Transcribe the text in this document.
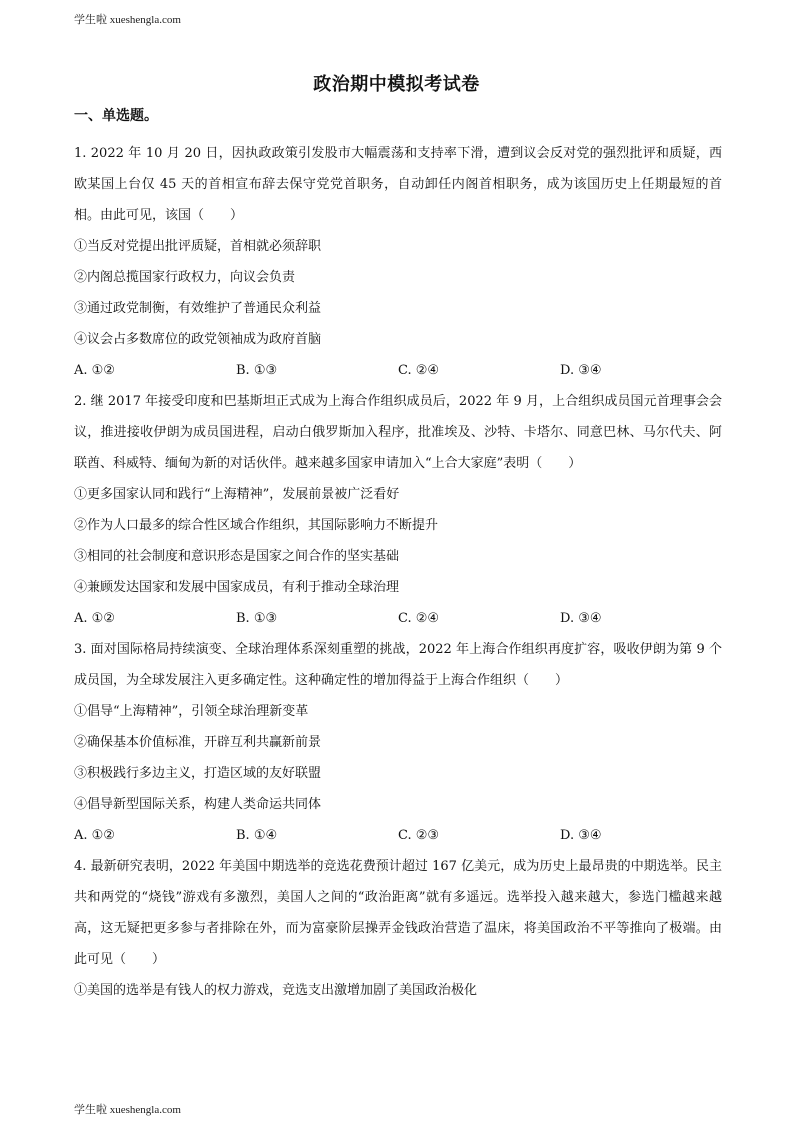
学生啦 xueshengla.com
政治期中模拟考试卷
一、单选题。

1. 2022 年 10 月 20 日，因执政政策引发股市大幅震荡和支持率下滑，遭到议会反对党的强烈批评和质疑，西欧某国上台仅 45 天的首相宣布辞去保守党党首职务，自动卸任内阁首相职务，成为该国历史上任期最短的首相。由此可见，该国（　　）

①当反对党提出批评质疑，首相就必须辞职

②内阁总揽国家行政权力，向议会负责

③通过政党制衡，有效维护了普通民众利益

④议会占多数席位的政党领袖成为政府首脑

A. ①②	B. ①③	C. ②④	D. ③④

2. 继 2017 年接受印度和巴基斯坦正式成为上海合作组织成员后，2022 年 9 月，上合组织成员国元首理事会会议，推进接收伊朗为成员国进程，启动白俄罗斯加入程序，批准埃及、沙特、卡塔尔、同意巴林、马尔代夫、阿联酋、科威特、缅甸为新的对话伙伴。越来越多国家申请加入“上合大家庭”表明（　　）

①更多国家认同和践行“上海精神”，发展前景被广泛看好

②作为人口最多的综合性区域合作组织，其国际影响力不断提升

③相同的社会制度和意识形态是国家之间合作的坚实基础

④兼顾发达国家和发展中国家成员，有利于推动全球治理

A. ①②	B. ①③	C. ②④	D. ③④

3. 面对国际格局持续演变、全球治理体系深刻重塑的挑战，2022 年上海合作组织再度扩容，吸收伊朗为第 9 个成员国，为全球发展注入更多确定性。这种确定性的增加得益于上海合作组织（　　）

①倡导“上海精神”，引领全球治理新变革

②确保基本价值标准，开辟互利共赢新前景

③积极践行多边主义，打造区域的友好联盟

④倡导新型国际关系，构建人类命运共同体

A. ①②	B. ①④	C. ②③	D. ③④

4. 最新研究表明，2022 年美国中期选举的竞选花费预计超过 167 亿美元，成为历史上最昂贵的中期选举。民主共和两党的“烧钱”游戏有多激烈，美国人之间的“政治距离”就有多遥远。选举投入越来越大，参选门槛越来越高，这无疑把更多参与者排除在外，而为富豪阶层操弄金钱政治营造了温床，将美国政治不平等推向了极端。由此可见（　　）

①美国的选举是有钱人的权力游戏，竞选支出激增加剧了美国政治极化

学生啦 xueshengla.com
